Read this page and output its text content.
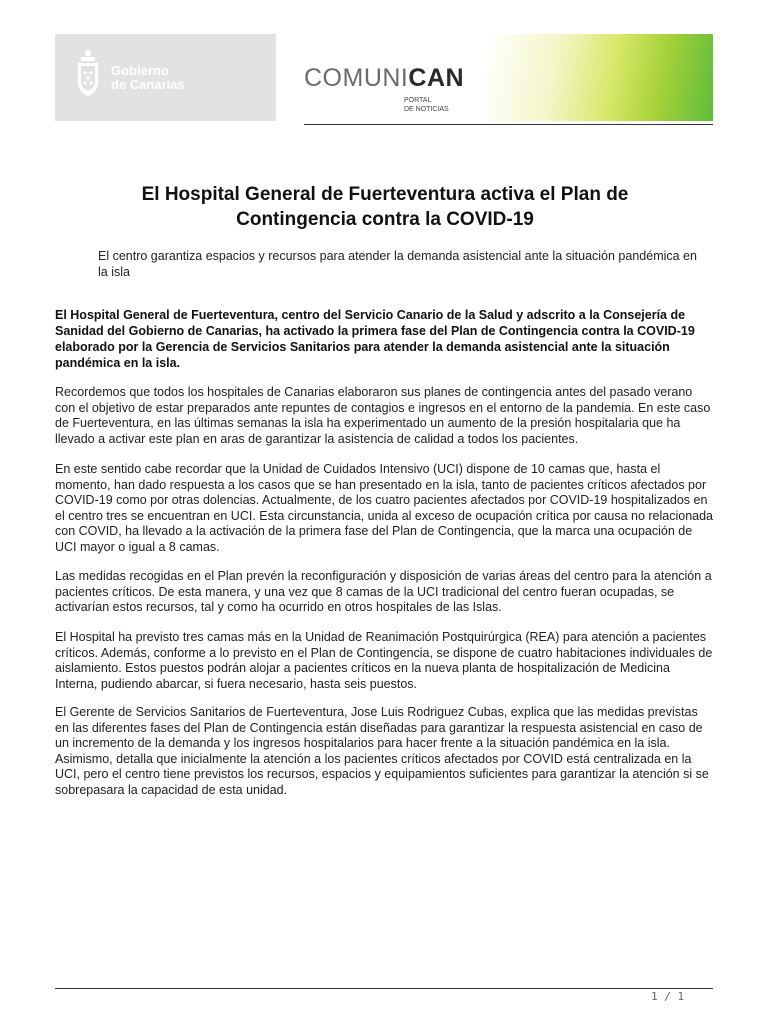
Gobierno
de Canarias	COMUNICAN
PORTAL
DE NOTICIAS
El Hospital General de Fuerteventura activa el Plan de Contingencia contra la COVID-19
El centro garantiza espacios y recursos para atender la demanda asistencial ante la situación pandémica en la isla
El Hospital General de Fuerteventura, centro del Servicio Canario de la Salud y adscrito a la Consejería de Sanidad del Gobierno de Canarias, ha activado la primera fase del Plan de Contingencia contra la COVID-19 elaborado por la Gerencia de Servicios Sanitarios para atender la demanda asistencial ante la situación pandémica en la isla.
Recordemos que todos los hospitales de Canarias elaboraron sus planes de contingencia antes del pasado verano con el objetivo de estar preparados ante repuntes de contagios e ingresos en el entorno de la pandemia. En este caso de Fuerteventura, en las últimas semanas la isla ha experimentado un aumento de la presión hospitalaria que ha llevado a activar este plan en aras de garantizar la asistencia de calidad a todos los pacientes.
En este sentido cabe recordar que la Unidad de Cuidados Intensivo (UCI) dispone de 10 camas que, hasta el momento, han dado respuesta a los casos que se han presentado en la isla, tanto de pacientes críticos afectados por COVID-19 como por otras dolencias. Actualmente, de los cuatro pacientes afectados por COVID-19 hospitalizados en el centro tres se encuentran en UCI. Esta circunstancia, unida al exceso de ocupación crítica por causa no relacionada con COVID, ha llevado a la activación de la primera fase del Plan de Contingencia, que la marca una ocupación de UCI mayor o igual a 8 camas.
Las medidas recogidas en el Plan prevén la reconfiguración y disposición de varias áreas del centro para la atención a pacientes críticos. De esta manera, y una vez que 8 camas de la UCI tradicional del centro fueran ocupadas, se activarían estos recursos, tal y como ha ocurrido en otros hospitales de las Islas.
El Hospital ha previsto tres camas más en la Unidad de Reanimación Postquirúrgica (REA) para atención a pacientes críticos. Además, conforme a lo previsto en el Plan de Contingencia, se dispone de cuatro habitaciones individuales de aislamiento. Estos puestos podrán alojar a pacientes críticos en la nueva planta de hospitalización de Medicina Interna, pudiendo abarcar, si fuera necesario, hasta seis puestos.
El Gerente de Servicios Sanitarios de Fuerteventura, Jose Luis Rodriguez Cubas, explica que las medidas previstas en las diferentes fases del Plan de Contingencia están diseñadas para garantizar la respuesta asistencial en caso de un incremento de la demanda y los ingresos hospitalarios para hacer frente a la situación pandémica en la isla. Asimismo, detalla que inicialmente la atención a los pacientes críticos afectados por COVID está centralizada en la UCI, pero el centro tiene previstos los recursos, espacios y equipamientos suficientes para garantizar la atención si se sobrepasara la capacidad de esta unidad.
1 / 1
